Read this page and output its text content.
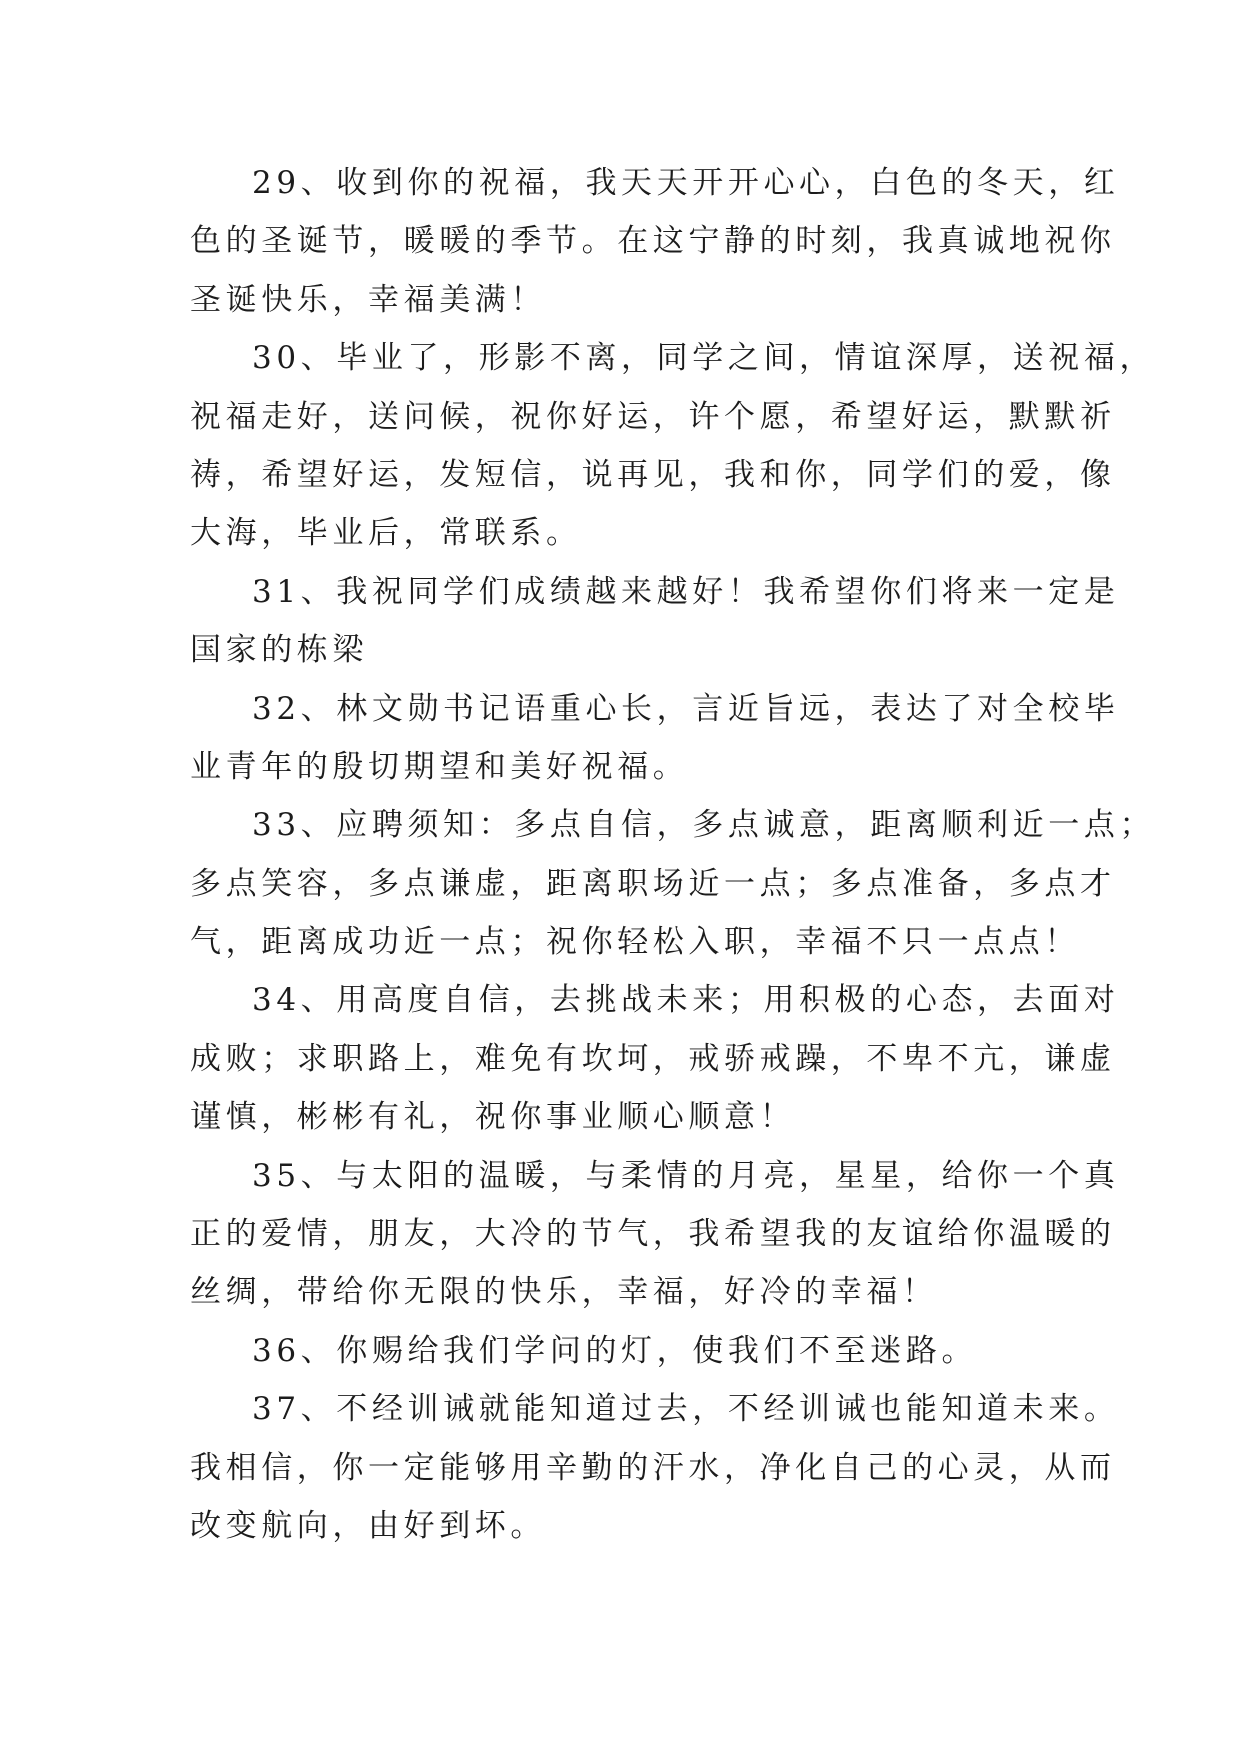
29、收到你的祝福，我天天开开心心，白色的冬天，红
色的圣诞节，暖暖的季节。在这宁静的时刻，我真诚地祝你
圣诞快乐，幸福美满！
30、毕业了，形影不离，同学之间，情谊深厚，送祝福，
祝福走好，送问候，祝你好运，许个愿，希望好运，默默祈
祷，希望好运，发短信，说再见，我和你，同学们的爱，像
大海，毕业后，常联系。
31、我祝同学们成绩越来越好！我希望你们将来一定是
国家的栋梁
32、林文勋书记语重心长，言近旨远，表达了对全校毕
业青年的殷切期望和美好祝福。
33、应聘须知：多点自信，多点诚意，距离顺利近一点；
多点笑容，多点谦虚，距离职场近一点；多点准备，多点才
气，距离成功近一点；祝你轻松入职，幸福不只一点点！
34、用高度自信，去挑战未来；用积极的心态，去面对
成败；求职路上，难免有坎坷，戒骄戒躁，不卑不亢，谦虚
谨慎，彬彬有礼，祝你事业顺心顺意！
35、与太阳的温暖，与柔情的月亮，星星，给你一个真
正的爱情，朋友，大冷的节气，我希望我的友谊给你温暖的
丝绸，带给你无限的快乐，幸福，好冷的幸福！
36、你赐给我们学问的灯，使我们不至迷路。
37、不经训诫就能知道过去，不经训诫也能知道未来。
我相信，你一定能够用辛勤的汗水，净化自己的心灵，从而
改变航向，由好到坏。
